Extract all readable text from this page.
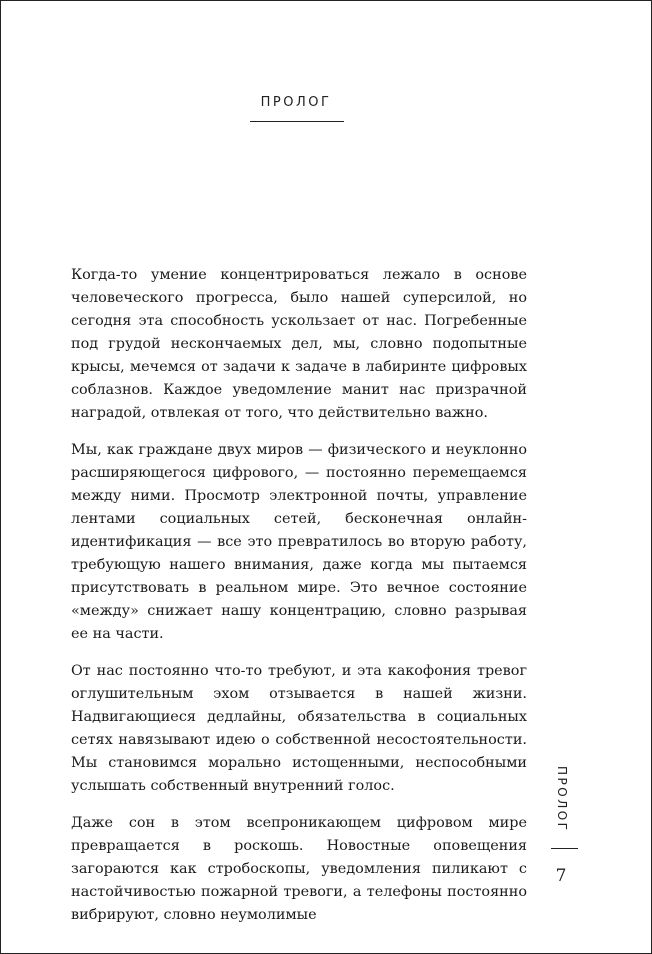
ПРОЛОГ

Когда-то умение концентрироваться лежало в основе человеческого прогресса, было нашей суперсилой, но сегодня эта способность ускользает от нас. Погребенные под грудой нескончаемых дел, мы, словно подопытные крысы, мечемся от задачи к задаче в лабиринте цифровых соблазнов. Каждое уведомление манит нас призрачной наградой, отвлекая от того, что действительно важно.

Мы, как граждане двух миров — физического и неуклонно расширяющегося цифрового, — постоянно перемещаемся между ними. Просмотр электронной почты, управление лентами социальных сетей, бесконечная онлайн-идентификация — все это превратилось во вторую работу, требующую нашего внимания, даже когда мы пытаемся присутствовать в реальном мире. Это вечное состояние «между» снижает нашу концентрацию, словно разрывая ее на части.

От нас постоянно что-то требуют, и эта какофония тревог оглушительным эхом отзывается в нашей жизни. Надвигающиеся дедлайны, обязательства в социальных сетях навязывают идею о собственной несостоятельности. Мы становимся морально истощенными, неспособными услышать собственный внутренний голос.

Даже сон в этом всепроникающем цифровом мире превращается в роскошь. Новостные оповещения загораются как стробоскопы, уведомления пиликают с настойчивостью пожарной тревоги, а телефоны постоянно вибрируют, словно неумолимые

ПРОЛОГ
7
